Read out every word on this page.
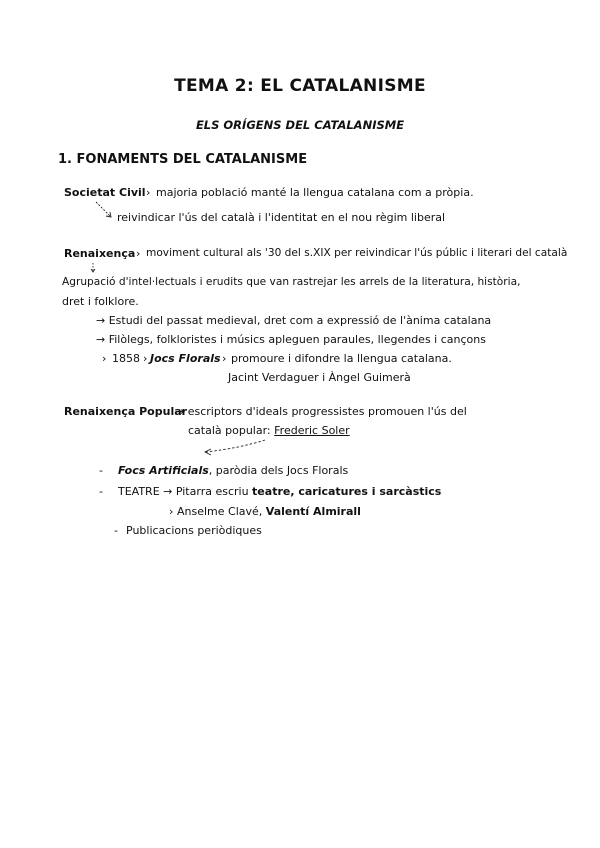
TEMA 2: EL CATALANISME
ELS ORÍGENS DEL CATALANISME
1. FONAMENTS DEL CATALANISME
Societat Civil › majoria població manté la llengua catalana com a pròpia.
reivindicar l'ús del català i l'identitat en el nou règim liberal
Renaixença › moviment cultural als '30 del s.XIX per reivindicar l'ús públic i literari del català
Agrupació d'intel·lectuals i erudits que van rastrejar les arrels de la literatura, història,
dret i folklore.
→ Estudi del passat medieval, dret com a expressió de l'ànima catalana
→ Filòlegs, folkloristes i músics apleguen paraules, llegendes i cançons
› 1858 › Jocs Florals › promoure i difondre la llengua catalana.
Jacint Verdaguer i Àngel Guimerà
Renaixença Popular
→ escriptors d'ideals progressistes promouen l'ús del
català popular: Frederic Soler
- Focs Artificials, paròdia dels Jocs Florals
- TEATRE → Pitarra escriu teatre, caricatures i sarcàstics
› Anselme Clavé, Valentí Almirall
- Publicacions periòdiques
